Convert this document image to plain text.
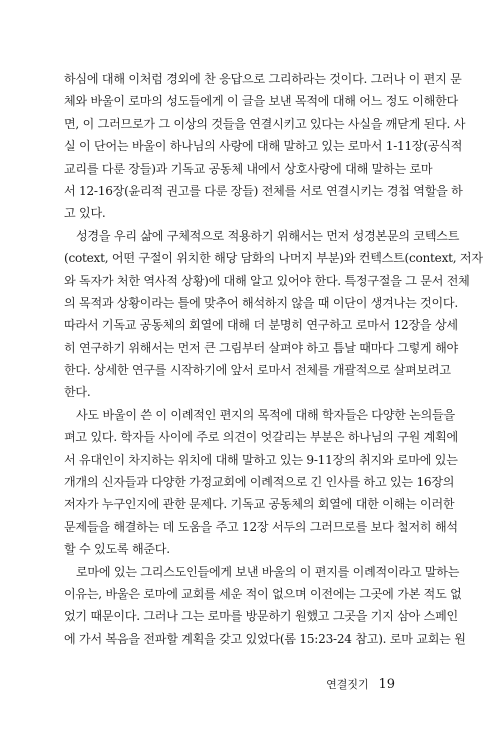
하심에 대해 이처럼 경외에 찬 응답으로 그리하라는 것이다. 그러나 이 편지 문
체와 바울이 로마의 성도들에게 이 글을 보낸 목적에 대해 어느 정도 이해한다
면, 이 그러므로가 그 이상의 것들을 연결시키고 있다는 사실을 깨닫게 된다. 사
실 이 단어는 바울이 하나님의 사랑에 대해 말하고 있는 로마서 1-11장(공식적
교리를 다룬 장들)과 기독교 공동체 내에서 상호사랑에 대해 말하는 로마
서 12-16장(윤리적 권고를 다룬 장들) 전체를 서로 연결시키는 경첩 역할을 하
고 있다.
성경을 우리 삶에 구체적으로 적용하기 위해서는 먼저 성경본문의 코텍스트
(cotext, 어떤 구절이 위치한 해당 담화의 나머지 부분)와 컨텍스트(context, 저자
와 독자가 처한 역사적 상황)에 대해 알고 있어야 한다. 특정구절을 그 문서 전체
의 목적과 상황이라는 틀에 맞추어 해석하지 않을 때 이단이 생겨나는 것이다.
따라서 기독교 공동체의 회열에 대해 더 분명히 연구하고 로마서 12장을 상세
히 연구하기 위해서는 먼저 큰 그림부터 살펴야 하고 틈날 때마다 그렇게 해야
한다. 상세한 연구를 시작하기에 앞서 로마서 전체를 개괄적으로 살펴보려고
한다.
사도 바울이 쓴 이 이례적인 편지의 목적에 대해 학자들은 다양한 논의들을
펴고 있다. 학자들 사이에 주로 의견이 엇갈리는 부분은 하나님의 구원 계획에
서 유대인이 차지하는 위치에 대해 말하고 있는 9-11장의 취지와 로마에 있는
개개의 신자들과 다양한 가정교회에 이례적으로 긴 인사를 하고 있는 16장의
저자가 누구인지에 관한 문제다. 기독교 공동체의 회열에 대한 이해는 이러한
문제들을 해결하는 데 도움을 주고 12장 서두의 그러므로를 보다 철저히 해석
할 수 있도록 해준다.
로마에 있는 그리스도인들에게 보낸 바울의 이 편지를 이례적이라고 말하는
이유는, 바울은 로마에 교회를 세운 적이 없으며 이전에는 그곳에 가본 적도 없
었기 때문이다. 그러나 그는 로마를 방문하기 원했고 그곳을 기지 삼아 스페인
에 가서 복음을 전파할 계획을 갖고 있었다(롬 15:23-24 참고). 로마 교회는 원
연결짓기 19
